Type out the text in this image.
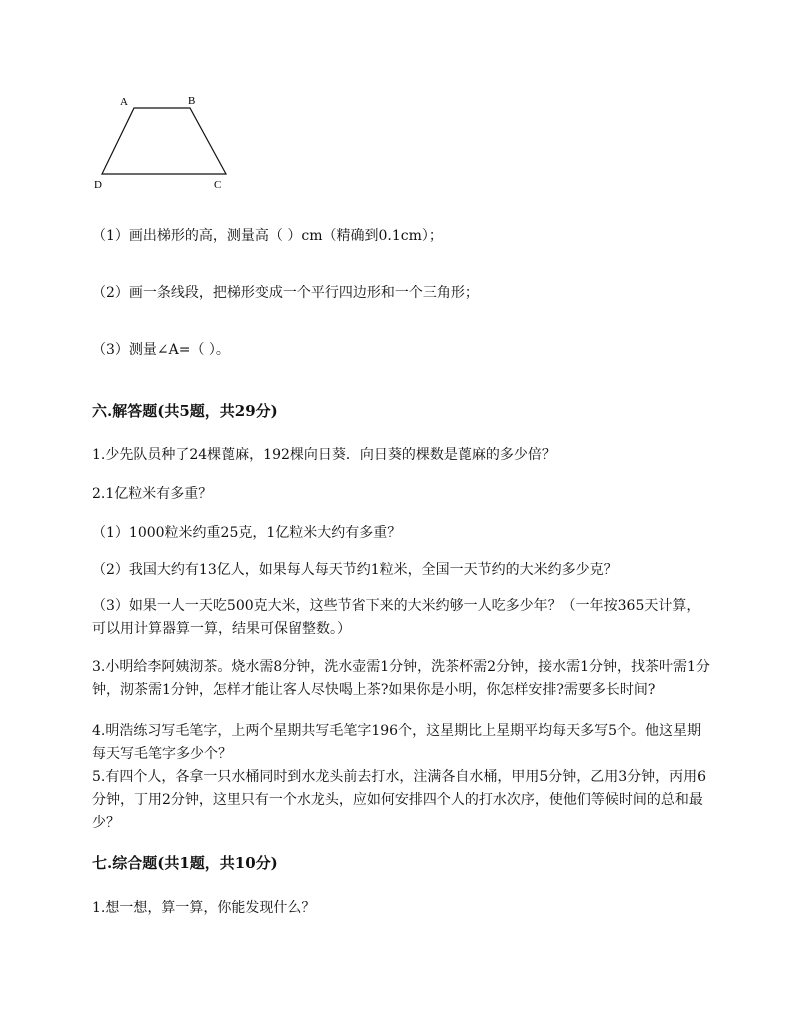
A	B
C
D
（1）画出梯形的高，测量高（ ）cm（精确到0.1cm）；
（2）画一条线段，把梯形变成一个平行四边形和一个三角形；
（3）测量∠A=（ ）。
六.解答题(共5题，共29分)
1.少先队员种了24棵蓖麻，192棵向日葵．向日葵的棵数是蓖麻的多少倍？
2.1亿粒米有多重？
（1）1000粒米约重25克，1亿粒米大约有多重？
（2）我国大约有13亿人，如果每人每天节约1粒米，全国一天节约的大米约多少克？
（3）如果一人一天吃500克大米，这些节省下来的大米约够一人吃多少年？（一年按365天计算，可以用计算器算一算，结果可保留整数。）
3.小明给李阿姨沏茶。烧水需8分钟，洗水壶需1分钟，洗茶杯需2分钟，接水需1分钟，找茶叶需1分钟，沏茶需1分钟，怎样才能让客人尽快喝上茶?如果你是小明，你怎样安排?需要多长时间?
4.明浩练习写毛笔字，上两个星期共写毛笔字196个，这星期比上星期平均每天多写5个。他这星期每天写毛笔字多少个？
5.有四个人，各拿一只水桶同时到水龙头前去打水，注满各自水桶，甲用5分钟，乙用3分钟，丙用6分钟，丁用2分钟，这里只有一个水龙头，应如何安排四个人的打水次序，使他们等候时间的总和最少？
七.综合题(共1题，共10分)
1.想一想，算一算，你能发现什么？
